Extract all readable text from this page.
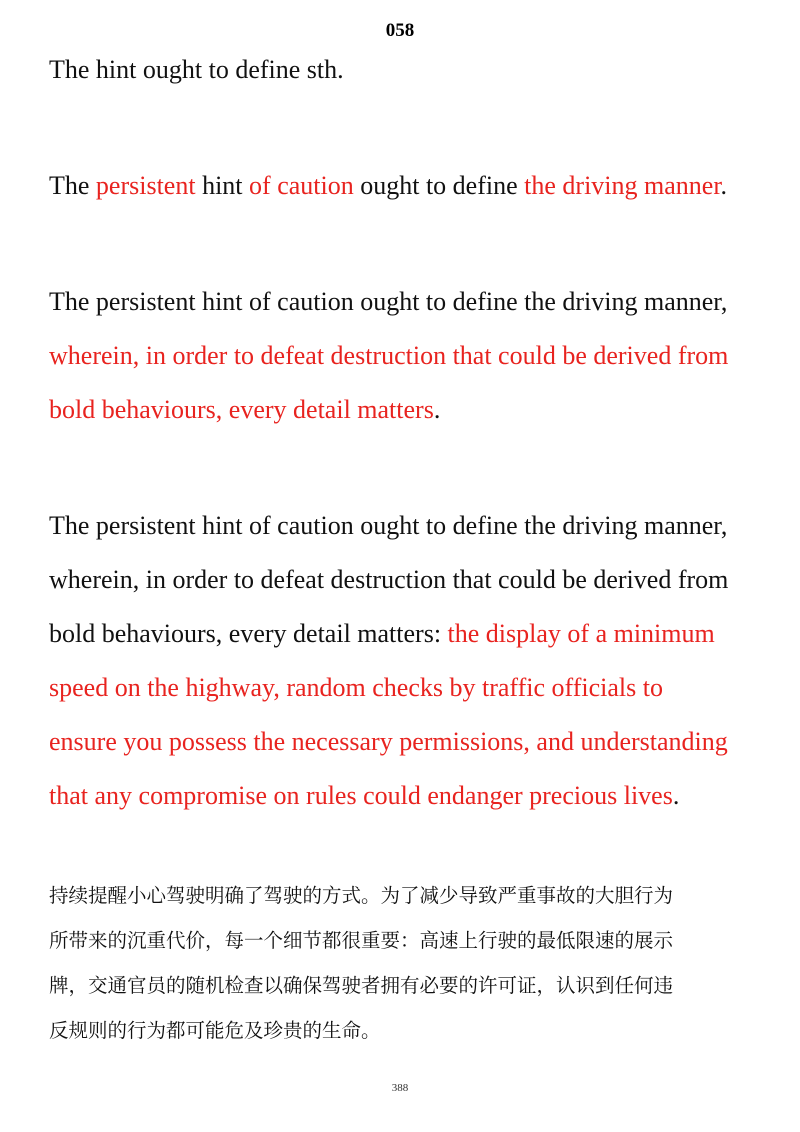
058
The hint ought to define sth.
The persistent hint of caution ought to define the driving manner.
The persistent hint of caution ought to define the driving manner,
wherein, in order to defeat destruction that could be derived from
bold behaviours, every detail matters.
The persistent hint of caution ought to define the driving manner,
wherein, in order to defeat destruction that could be derived from
bold behaviours, every detail matters: the display of a minimum
speed on the highway, random checks by traffic officials to
ensure you possess the necessary permissions, and understanding
that any compromise on rules could endanger precious lives.
持续提醒小心驾驶明确了驾驶的方式。为了减少导致严重事故的大胆行为
所带来的沉重代价，每一个细节都很重要：高速上行驶的最低限速的展示
牌，交通官员的随机检查以确保驾驶者拥有必要的许可证，认识到任何违
反规则的行为都可能危及珍贵的生命。
388
